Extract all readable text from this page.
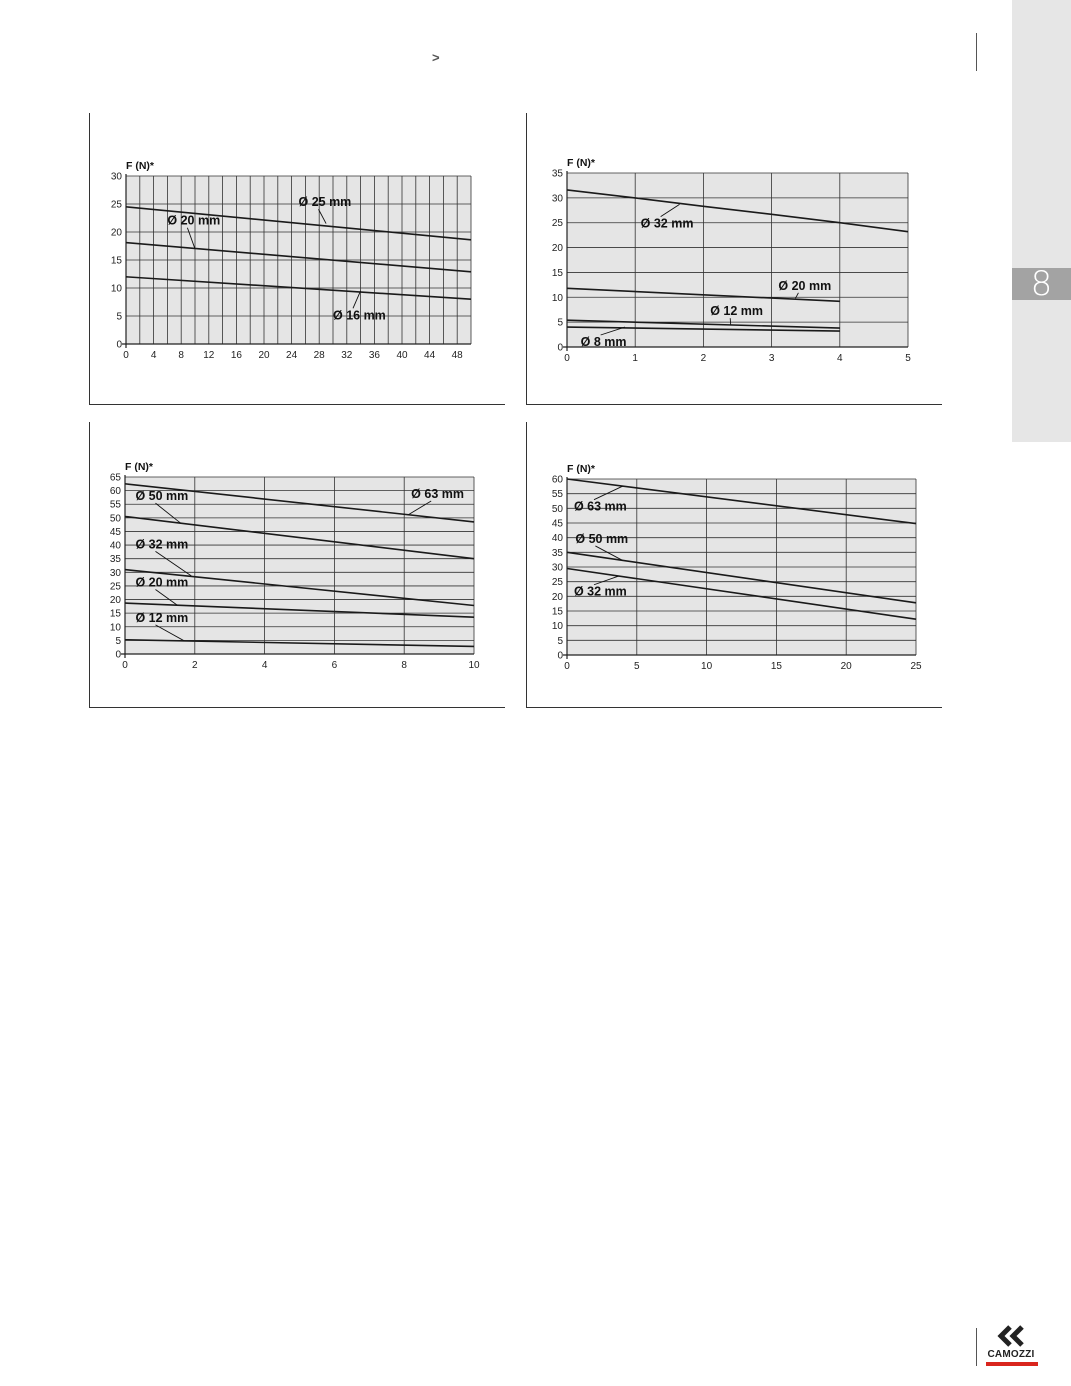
>
8
0
5
10
15
20
25
30
0 4 8 12 16 20 24 28 32 36 40 44 48
F (N)*
Ø 25 mm
Ø 20 mm
Ø 16 mm
0
5
10
15
20
25
30
35
0	1	2	3	4	5
F (N)*
Ø 32 mm
Ø 20 mm
Ø 12 mm
Ø 8 mm
0
5
10
15
20
25
30
35
40
45
50
55
60
65
0	2	4	6	8	10
F (N)*
Ø 63 mm
Ø 50 mm
Ø 32 mm
Ø 20 mm
Ø 12 mm
0
5
10
15
20
25
30
35
40
45
50
55
60
0	5	10	15	20	25
F (N)*
Ø 63 mm
Ø 50 mm
Ø 32 mm
CAMOZZI
